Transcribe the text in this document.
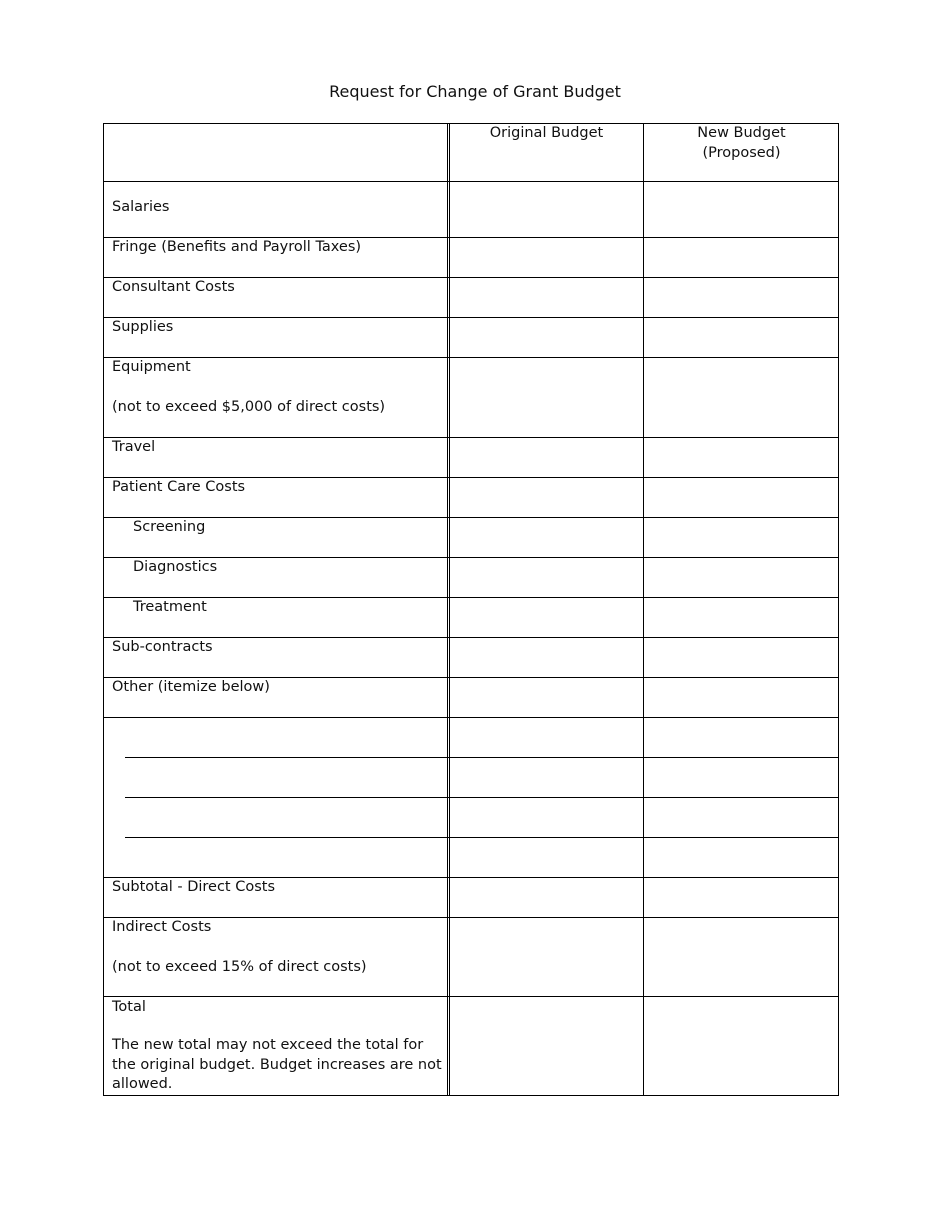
Request for Change of Grant Budget
Original Budget	New Budget
(Proposed)
Salaries
Fringe (Benefits and Payroll Taxes)
Consultant Costs
Supplies
Equipment
(not to exceed $5,000 of direct costs)
Travel
Patient Care Costs
Screening
Diagnostics
Treatment
Sub-contracts
Other (itemize below)
Subtotal - Direct Costs
Indirect Costs
(not to exceed 15% of direct costs)
Total
The new total may not exceed the total for the original budget. Budget increases are not allowed.
